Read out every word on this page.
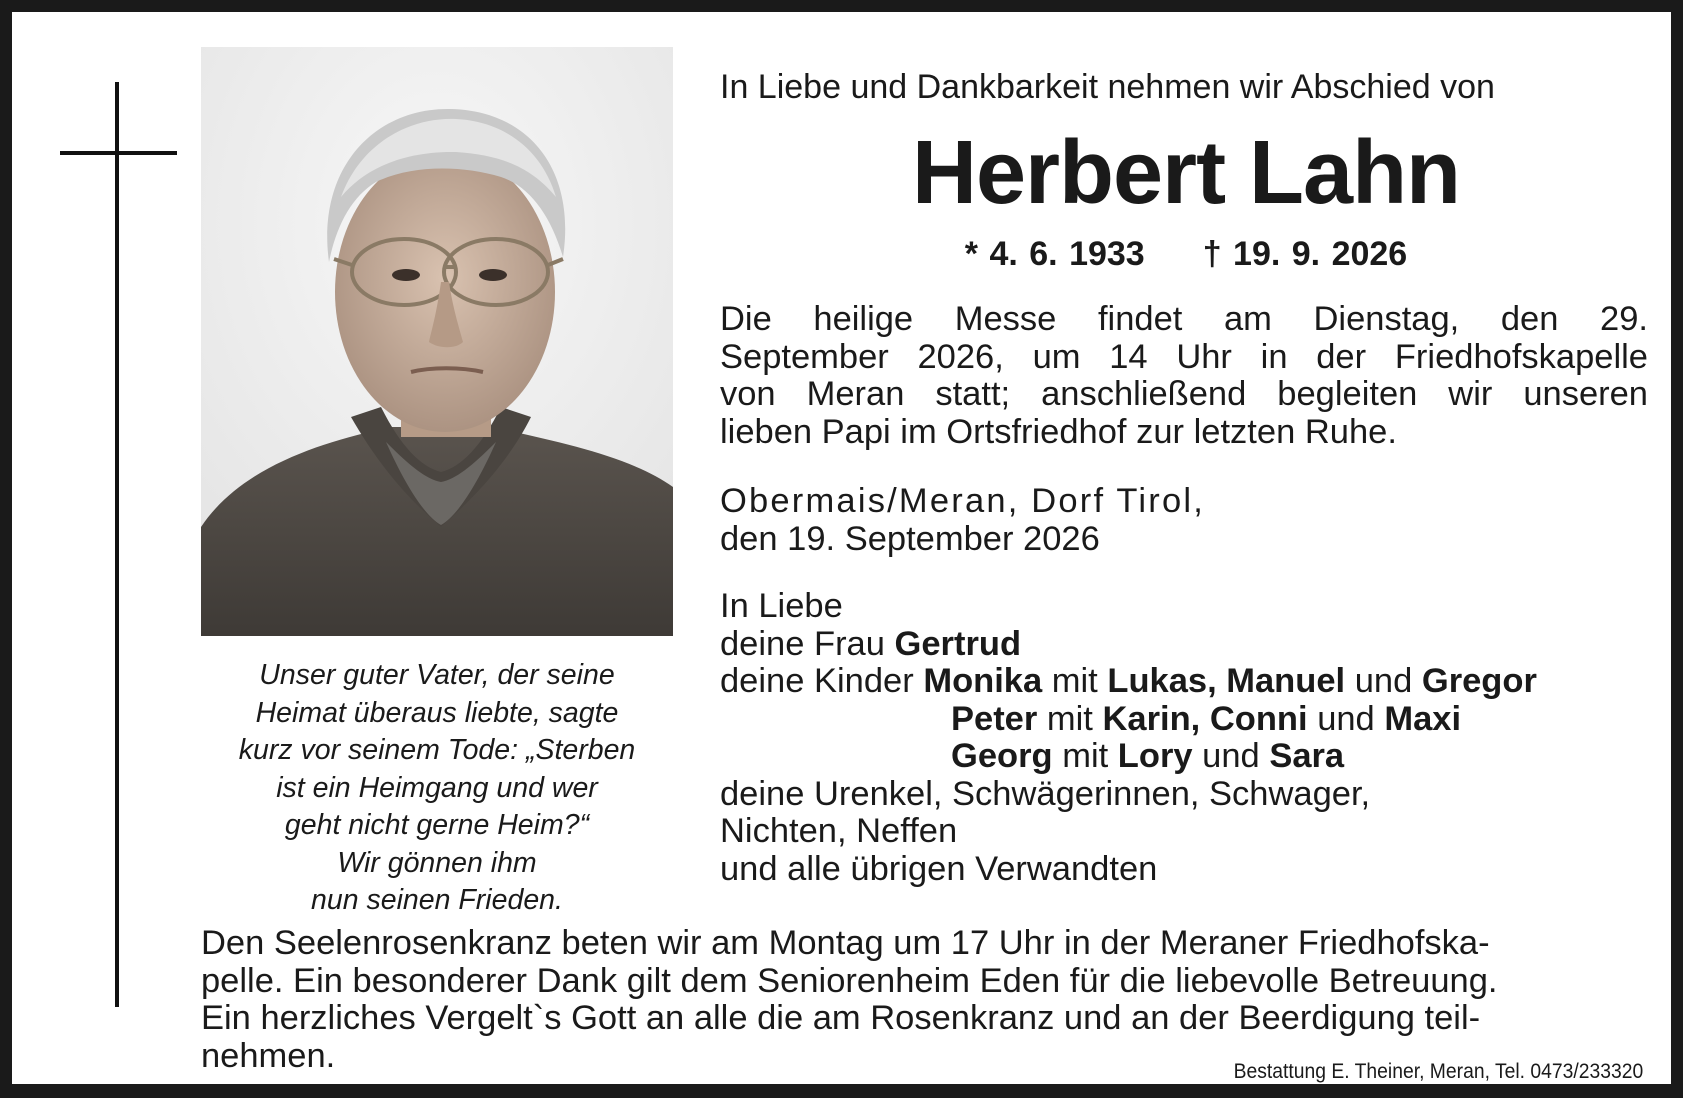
Unser guter Vater, der seine
Heimat überaus liebte, sagte
kurz vor seinem Tode: „Sterben
ist ein Heimgang und wer
geht nicht gerne Heim?“
Wir gönnen ihm
nun seinen Frieden.
In Liebe und Dankbarkeit nehmen wir Abschied von
Herbert Lahn
* 4. 6. 1933 † 19. 9. 2026
Die heilige Messe findet am Dienstag, den 29.
September 2026, um 14 Uhr in der Friedhofskapelle
von Meran statt; anschließend begleiten wir unseren
lieben Papi im Ortsfriedhof zur letzten Ruhe.
Obermais/Meran, Dorf Tirol,
den 19. September 2026
In Liebe
deine Frau Gertrud
deine Kinder Monika mit Lukas, Manuel und Gregor
Peter mit Karin, Conni und Maxi
Georg mit Lory und Sara
deine Urenkel, Schwägerinnen, Schwager,
Nichten, Neffen
und alle übrigen Verwandten
Den Seelenrosenkranz beten wir am Montag um 17 Uhr in der Meraner Friedhofska-
pelle. Ein besonderer Dank gilt dem Seniorenheim Eden für die liebevolle Betreuung.
Ein herzliches Vergelt`s Gott an alle die am Rosenkranz und an der Beerdigung teil-
nehmen.	Bestattung E. Theiner, Meran, Tel. 0473/233320
